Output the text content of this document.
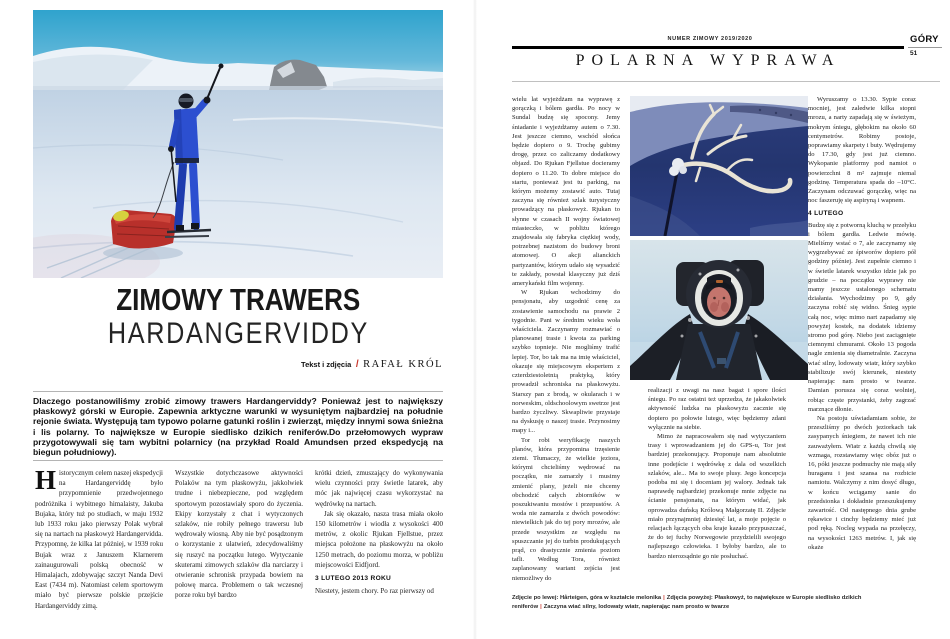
ZIMOWY TRAWERS
HARDANGERVIDDY
Tekst i zdjęcia / RAFAŁ KRÓL

Dlaczego postanowiliśmy zrobić zimowy trawers Hardangerviddy? Ponieważ jest to największy płaskowyż górski w Europie. Zapewnia arktyczne warunki w wysuniętym najbardziej na południe rejonie świata. Występują tam typowo polarne gatunki roślin i zwierząt, między innymi sowa śnieżna i lis polarny. To największe w Europie siedlisko dzikich reniferów.Do przełomowych wypraw przygotowywali się tam wybitni polarnicy (na przykład Roald Amundsen przed ekspedycją na biegun południowy).

Historycznym celem naszej ekspedycji na Hardangerviddę było przypomnienie przedwojennego podróżnika i wybitnego himalaisty, Jakuba Bujaka, który tuż po studiach, w maju 1932 lub 1933 roku jako pierwszy Polak wybrał się na nartach na płaskowyż Hardangervidda. Przypomnę, że kilka lat później, w 1939 roku Bujak wraz z Januszem Klarnerem zainaugurowali polską obecność w Himalajach, zdobywając szczyt Nanda Devi East (7434 m). Natomiast celem sportowym miało być pierwsze polskie przejście Hardangerviddy zimą.

Wszystkie dotychczasowe aktywności Polaków na tym płaskowyżu, jakkolwiek trudne i niebezpieczne, pod względem sportowym pozostawiały sporo do życzenia. Ekipy korzystały z chat i wytyczonych szlaków, nie robiły pełnego trawersu lub wędrowały wiosną. Aby nie być posądzonym o korzystanie z ułatwień, zdecydowaliśmy się ruszyć na początku lutego. Wytyczanie skuterami zimowych szlaków dla narciarzy i otwieranie schronisk przypada bowiem na połowę marca. Problemem o tak wczesnej porze roku był bardzo

krótki dzień, zmuszający do wykonywania wielu czynności przy świetle latarek, aby móc jak najwięcej czasu wykorzystać na wędrówkę na nartach.

Jak się okazało, nasza trasa miała około 150 kilometrów i wiodła z wysokości 400 metrów, z okolic Rjukan Fjellstue, przez miejsca położone na płaskowyżu na około 1250 metrach, do poziomu morza, w pobliżu miejscowości Eidfjord.

3 LUTEGO 2013 ROKU

Niestety, jestem chory. Po raz pierwszy od

NUMER ZIMOWY 2019/2020
POLARNA WYPRAWA
GÓRY
51

wielu lat wyjeżdżam na wyprawę z gorączką i bólem gardła. Po nocy w Sundal budzę się spocony. Jemy śniadanie i wyjeżdżamy autem o 7.30. Jest jeszcze ciemno, wschód słońca będzie dopiero o 9. Trochę gubimy drogę, przez co zaliczamy dodatkowy objazd. Do Rjukan Fjellstue docieramy dopiero o 11.20. To dobre miejsce do startu, ponieważ jest tu parking, na którym możemy zostawić auto. Tutaj zaczyna się również szlak turystyczny prowadzący na płaskowyż. Rjukan to słynne w czasach II wojny światowej miasteczko, w pobliżu którego znajdowała się fabryka ciężkiej wody, potrzebnej nazistom do budowy broni atomowej. O akcji alianckich partyzantów, którym udało się wysadzić te zakłady, powstał klasyczny już dziś amerykański film wojenny.

W Rjukan wchodzimy do pensjonatu, aby uzgodnić cenę za zostawienie samochodu na prawie 2 tygodnie. Pani w średnim wieku woła właściciela. Zaczynamy rozmawiać o planowanej trasie i kwota za parking szybko topnieje. Nie mogliśmy trafić lepiej. Tor, bo tak ma na imię właściciel, okazuje się miejscowym ekspertem z czterdziestoletnią praktyką, który prowadził schroniska na płaskowyżu. Starszy pan z brodą, w okularach i w norweskim, oldschoolowym swetrze jest bardzo życzliwy. Skwapliwie przystaje na dyskusję o naszej trasie. Przynosimy mapy i...

Tor robi weryfikację naszych planów, która przypomina trzęsienie ziemi. Tłumaczy, że wielkie jeziora, którymi chcieliśmy wędrować na początku, nie zamarzły i musimy zmienić plany, jeżeli nie chcemy obchodzić całych zbiorników w poszukiwaniu mostów i przepustów. A woda nie zamarzła z dwóch powodów: niewielkich jak do tej pory mrozów, ale przede wszystkim ze względu na spuszczanie jej do turbin produkujących prąd, co drastycznie zmienia poziom tafli. Według Tora, również zaplanowany wariant zejścia jest niemożliwy do

realizacji z uwagi na nasz bagaż i spore ilości śniegu. Po raz ostatni też uprzedza, że jakakolwiek aktywność ludzka na płaskowyżu zacznie się dopiero po połowie lutego, więc będziemy zdani wyłącznie na siebie.

Mimo że napracowałem się nad wytyczaniem trasy i wprowadzaniem jej do GPS-u, Tor jest bardziej przekonujący. Proponuje nam absolutnie inne podejście i wędrówkę z dala od wszelkich szlaków, ale... Ma to swoje plusy. Jego koncepcja podoba mi się i doceniam jej walory. Jednak tak naprawdę najbardziej przekonuje mnie zdjęcie na ścianie pensjonatu, na którym widać, jak oprowadza duńską Królową Małgorzatę II. Zdjęcie miało przynajmniej dziesięć lat, a moje pojęcie o relacjach łączących oba kraje kazało przypuszczać, że do tej fuchy Norwegowie przydzielili swojego najlepszego człowieka. I byłoby bardzo, ale to bardzo nierozsądnie go nie posłuchać.

Wyruszamy o 13.30. Sypie coraz mocniej, jest zaledwie kilka stopni mrozu, a narty zapadają się w świeżym, mokrym śniegu, głębokim na około 60 centymetrów. Robimy postoje, poprawiamy skarpety i buty. Wędrujemy do 17.30, gdy jest już ciemno. Wykopanie platformy pod namiot o powierzchni 8 m² zajmuje niemal godzinę. Temperatura spada do –10°C. Zaczynam odczuwać gorączkę, więc na noc faszeruję się aspiryną i wapnem.

4 LUTEGO

Budzę się z potworną kluchą w przełyku i bólem gardła. Ledwie mówię. Mieliśmy wstać o 7, ale zaczynamy się wygrzebywać ze śpiworów dopiero pół godziny później. Jest zupełnie ciemno i w świetle latarek wszystko idzie jak po grudzie – na początku wyprawy nie mamy jeszcze ustalonego schematu działania. Wychodzimy po 9, gdy zaczyna robić się widno. Śnieg sypie całą noc, więc mimo nart zapadamy się powyżej kostek, na dodatek idziemy stromo pod górę. Niebo jest zaciągnięte ciemnymi chmurami. Około 13 pogoda nagle zmienia się diametralnie. Zaczyna wiać silny, lodowaty wiatr, który szybko stabilizuje swój kierunek, niestety napierając nam prosto w twarze. Damian porusza się coraz wolniej, robiąc częste przystanki, żeby zagrzać marznące dłonie.

Na postoju uświadamiam sobie, że przeszliśmy po dwóch jeziorkach tak zasypanych śniegiem, że nawet ich nie zauważyłem. Wiatr z każdą chwilą się wzmaga, rozstawiamy więc obóz już o 16, póki jeszcze podmuchy nie mają siły huraganu i jest szansa na rozbicie namiotu. Walczymy z nim dosyć długo, w końcu wciągamy sanie do przedsionka i dokładnie przeszukujemy zawartość. Od następnego dnia grube rękawice i cinchy będziemy mieć już pod ręką. Nocleg wypada na przełęczy, na wysokości 1263 metrów. I, jak się okaże

Zdjęcie po lewej: Hårteigen, góra w kształcie melonika | Zdjęcia powyżej: Płaskowyż, to największe w Europie siedlisko dzikich reniferów | Zaczyna wiać silny, lodowaty wiatr, napierając nam prosto w twarze
